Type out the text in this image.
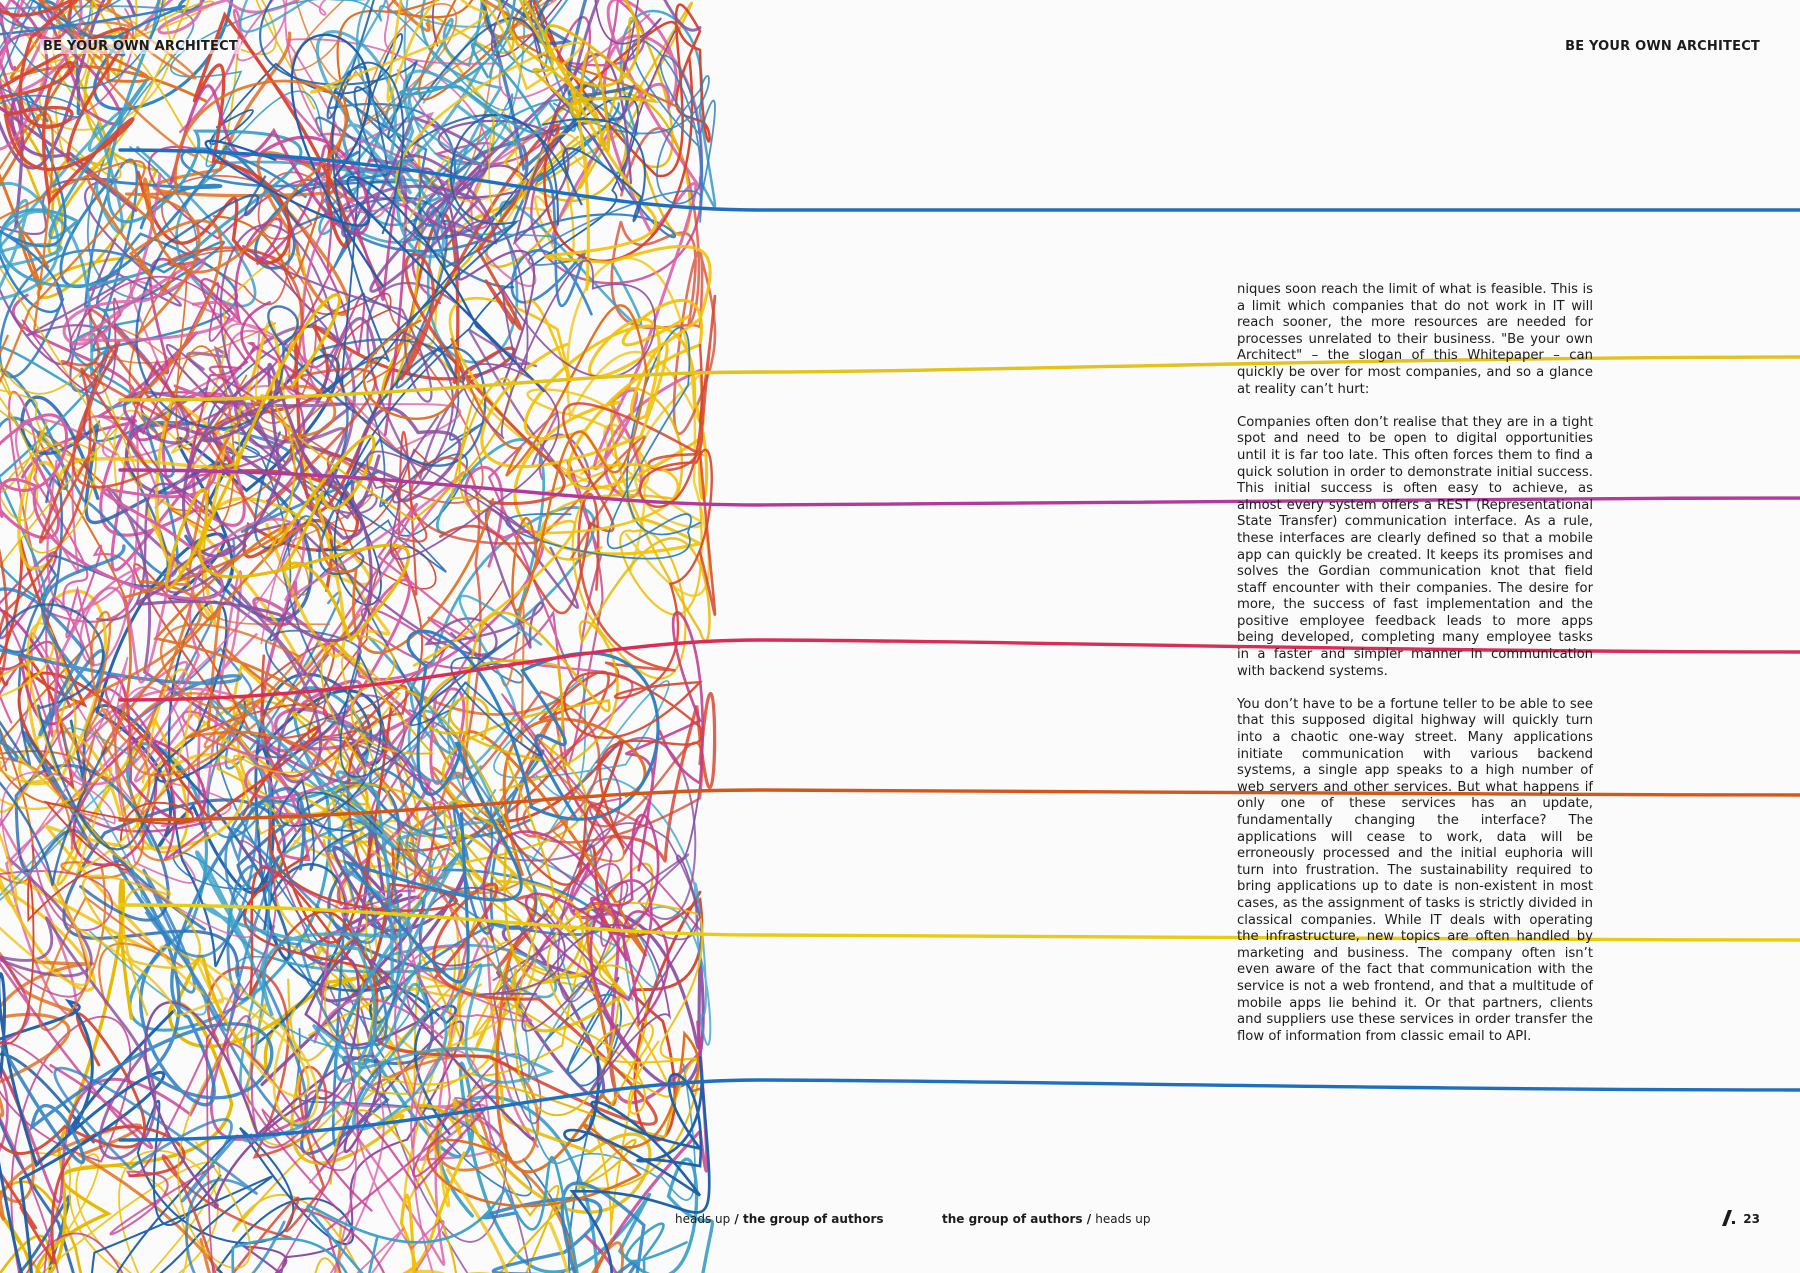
BE YOUR OWN ARCHITECT	BE YOUR OWN ARCHITECT

niques soon reach the limit of what is feasible. This is a limit which companies that do not work in IT will reach sooner, the more resources are needed for processes unrelated to their business. "Be your own Architect" – the slogan of this Whitepaper – can quickly be over for most companies, and so a glance at reality can’t hurt:

Companies often don’t realise that they are in a tight spot and need to be open to digital opportunities until it is far too late. This often forces them to find a quick solution in order to demonstrate initial success. This initial success is often easy to achieve, as almost every system offers a REST (Representational State Transfer) communication interface. As a rule, these interfaces are clearly defined so that a mobile app can quickly be created. It keeps its promises and solves the Gordian communication knot that field staff encounter with their companies. The desire for more, the success of fast implementation and the positive employee feedback leads to more apps being developed, completing many employee tasks in a faster and simpler manner in communication with backend systems.

You don’t have to be a fortune teller to be able to see that this supposed digital highway will quickly turn into a chaotic one-way street. Many applications initiate communication with various backend systems, a single app speaks to a high number of web servers and other services. But what happens if only one of these services has an update, fundamentally changing the interface? The applications will cease to work, data will be erroneously processed and the initial euphoria will turn into frustration. The sustainability required to bring applications up to date is non-existent in most cases, as the assignment of tasks is strictly divided in classical companies. While IT deals with operating the infrastructure, new topics are often handled by marketing and business. The company often isn’t even aware of the fact that communication with the service is not a web frontend, and that a multitude of mobile apps lie behind it. Or that partners, clients and suppliers use these services in order transfer the flow of information from classic email to API.

heads up / the group of authors	the group of authors / heads up	23
